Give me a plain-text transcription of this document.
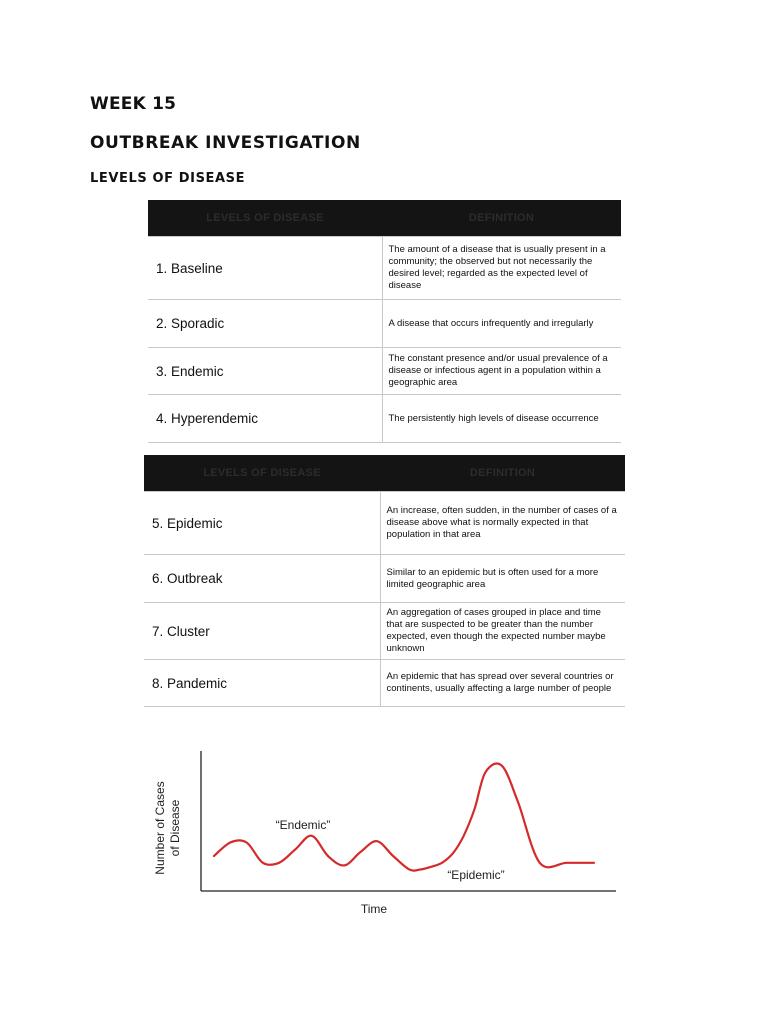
WEEK 15
OUTBREAK INVESTIGATION
LEVELS OF DISEASE
LEVELS OF DISEASE	DEFINITION
1. Baseline	The amount of a disease that is usually present in a community; the observed but not necessarily the desired level; regarded as the expected level of disease
2. Sporadic	A disease that occurs infrequently and irregularly
3. Endemic	The constant presence and/or usual prevalence of a disease or infectious agent in a population within a geographic area
4. Hyperendemic	The persistently high levels of disease occurrence
LEVELS OF DISEASE	DEFINITION
5. Epidemic	An increase, often sudden, in the number of cases of a disease above what is normally expected in that population in that area
6. Outbreak	Similar to an epidemic but is often used for a more limited geographic area
7. Cluster	An aggregation of cases grouped in place and time that are suspected to be greater than the number expected, even though the expected number maybe unknown
8. Pandemic	An epidemic that has spread over several countries or continents, usually affecting a large number of people
Number of Cases of Disease
Time
“Endemic”
“Epidemic”
